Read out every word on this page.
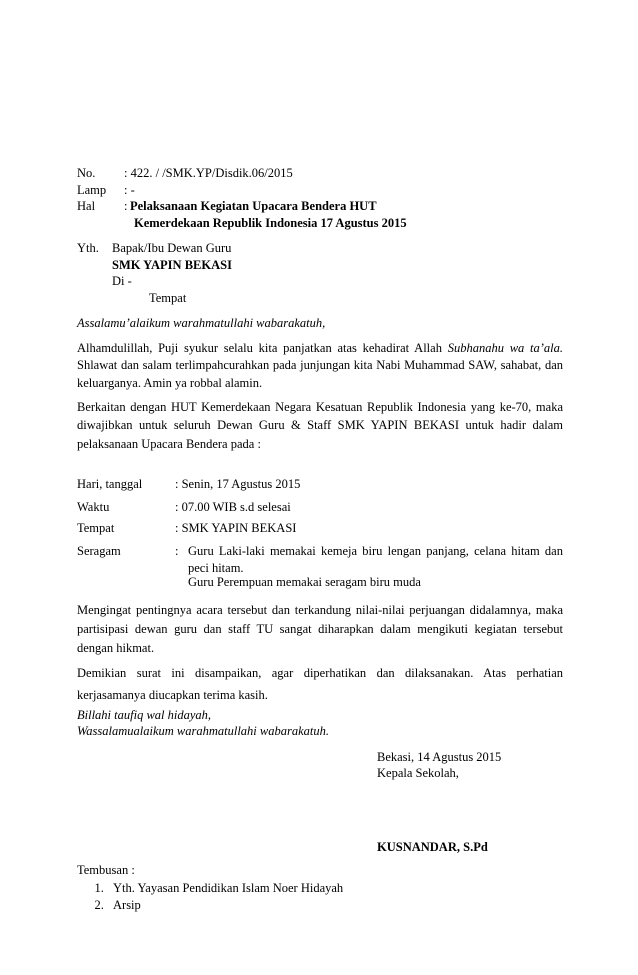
No. : 422. / /SMK.YP/Disdik.06/2015
Lamp : -
Hal : Pelaksanaan Kegiatan Upacara Bendera HUT
Kemerdekaan Republik Indonesia 17 Agustus 2015
Yth. Bapak/Ibu Dewan Guru
SMK YAPIN BEKASI
Di -
Tempat
Assalamu’alaikum warahmatullahi wabarakatuh,
Alhamdulillah, Puji syukur selalu kita panjatkan atas kehadirat Allah Subhanahu wa ta’ala.
Shlawat dan salam terlimpahcurahkan pada junjungan kita Nabi Muhammad SAW, sahabat, dan
keluarganya. Amin ya robbal alamin.
Berkaitan dengan HUT Kemerdekaan Negara Kesatuan Republik Indonesia yang ke-70, maka
diwajibkan untuk seluruh Dewan Guru & Staff SMK YAPIN BEKASI untuk hadir dalam
pelaksanaan Upacara Bendera pada :
Hari, tanggal	: Senin, 17 Agustus 2015
Waktu	: 07.00 WIB s.d selesai
Tempat	: SMK YAPIN BEKASI
Seragam	: Guru Laki-laki memakai kemeja biru lengan panjang, celana hitam dan
peci hitam.
Guru Perempuan memakai seragam biru muda
Mengingat pentingnya acara tersebut dan terkandung nilai-nilai perjuangan didalamnya, maka
partisipasi dewan guru dan staff TU sangat diharapkan dalam mengikuti kegiatan tersebut
dengan hikmat.
Demikian surat ini disampaikan, agar diperhatikan dan dilaksanakan. Atas perhatian
kerjasamanya diucapkan terima kasih.
Billahi taufiq wal hidayah,
Wassalamualaikum warahmatullahi wabarakatuh.
Bekasi, 14 Agustus 2015
Kepala Sekolah,
KUSNANDAR, S.Pd
Tembusan :
1. Yth. Yayasan Pendidikan Islam Noer Hidayah
2. Arsip
